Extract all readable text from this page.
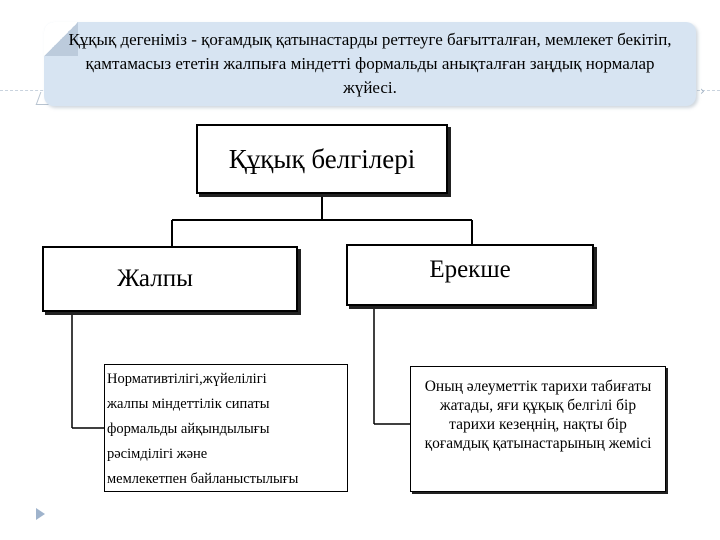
›
Құқық дегеніміз - қоғамдық қатынастарды реттеуге бағытталған, мемлекет бекітіп, қамтамасыз ететін жалпыға міндетті формальды анықталған заңдық нормалар жүйесі.
Құқық белгілері
Жалпы	Ерекше
Нормативтілігі,жүйелілігі
жалпы міндеттілік сипаты
формальды айқындылығы
рәсімділігі және
мемлекетпен байланыстылығы
Оның әлеуметтік тарихи табиғаты жатады, яғи құқық белгілі бір тарихи кезеңнің, нақты бір қоғамдық қатынастарының жемісі
